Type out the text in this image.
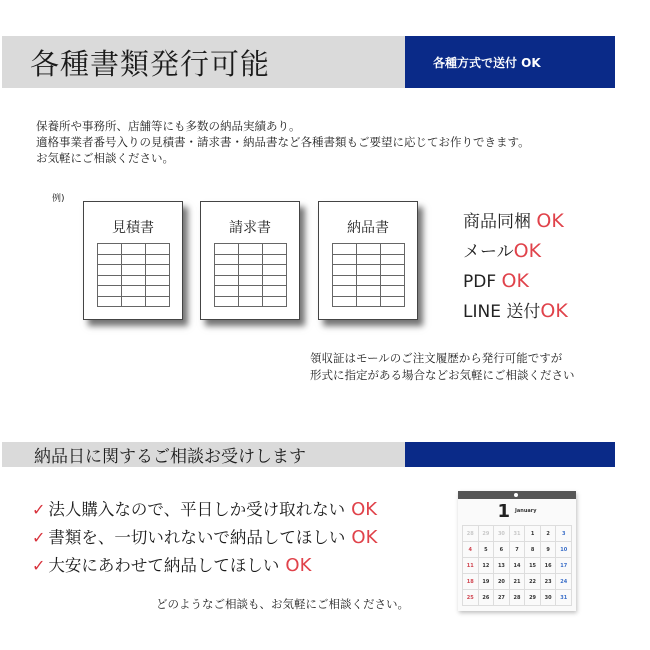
各種書類発行可能	各種方式で送付 OK
保養所や事務所、店舗等にも多数の納品実績あり。
適格事業者番号入りの見積書・請求書・納品書など各種書類もご要望に応じてお作りできます。
お気軽にご相談ください。
例)
見積書

			請求書

			納品書

			商品同梱 OK
メールOK
PDF OK
LINE 送付OK
領収証はモールのご注文履歴から発行可能ですが
形式に指定がある場合などお気軽にご相談ください
納品日に関するご相談お受けします
✓ 法人購入なので、平日しか受け取れない OK
✓ 書類を、一切いれないで納品してほしい OK
✓ 大安にあわせて納品してほしい OK
1 January
28	29	30	31	1	2	3
4	5	6	7	8	9	10
11	12	13	14	15	16	17
18	19	20	21	22	23	24
25	26	27	28	29	30	31
どのようなご相談も、お気軽にご相談ください。
